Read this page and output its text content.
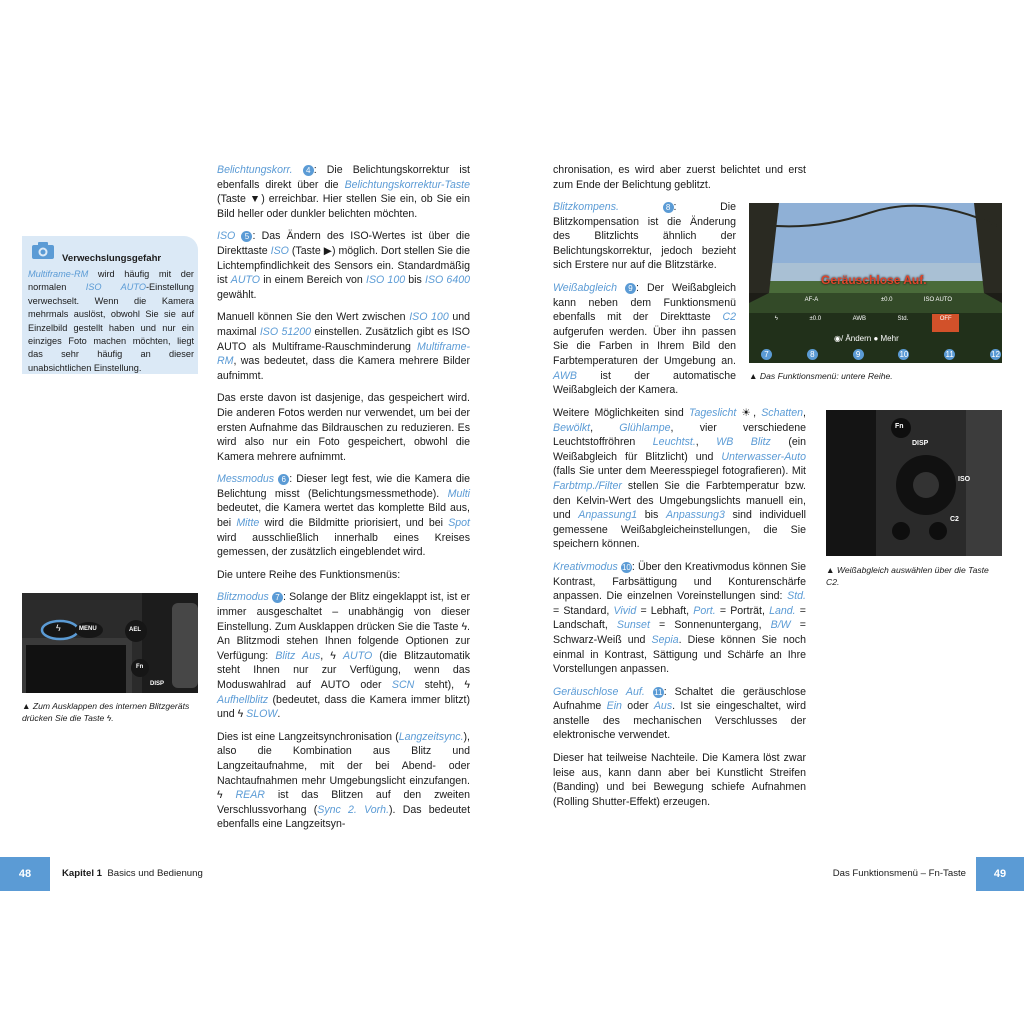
Verwechslungsgefahr
Multiframe-RM wird häufig mit der normalen ISO AUTO-Einstellung verwechselt. Wenn die Kamera mehrmals auslöst, obwohl Sie sie auf Einzelbild gestellt haben und nur ein einziges Foto machen möchten, liegt das sehr häufig an dieser unabsichtlichen Einstellung.

Belichtungskorr. 4 : Die Belichtungskorrektur ist ebenfalls direkt über die Belichtungskorrektur-Taste (Taste ▼) erreichbar. Hier stellen Sie ein, ob Sie ein Bild heller oder dunkler belichten möchten.

ISO 5 : Das Ändern des ISO-Wertes ist über die Direkttaste ISO (Taste ▶) möglich. Dort stellen Sie die Lichtempfindlichkeit des Sensors ein. Standardmäßig ist AUTO in einem Bereich von ISO 100 bis ISO 6400 gewählt.

Manuell können Sie den Wert zwischen ISO 100 und maximal ISO 51200 einstellen. Zusätzlich gibt es ISO AUTO als Multiframe-Rauschminderung Multiframe-RM, was bedeutet, dass die Kamera mehrere Bilder aufnimmt.

Das erste davon ist dasjenige, das gespeichert wird. Die anderen Fotos werden nur verwendet, um bei der ersten Aufnahme das Bildrauschen zu reduzieren. Es wird also nur ein Foto gespeichert, obwohl die Kamera mehrere aufnimmt.

Messmodus 6 : Dieser legt fest, wie die Kamera die Belichtung misst (Belichtungsmessmethode). Multi bedeutet, die Kamera wertet das komplette Bild aus, bei Mitte wird die Bildmitte priorisiert, und bei Spot wird ausschließlich innerhalb eines Kreises gemessen, der zusätzlich eingeblendet wird.

Die untere Reihe des Funktionsmenüs:

Blitzmodus 7 : Solange der Blitz eingeklappt ist, ist er immer ausgeschaltet – unabhängig von dieser Einstellung. Zum Ausklappen drücken Sie die Taste ϟ. An Blitzmodi stehen Ihnen folgende Optionen zur Verfügung: Blitz Aus, ϟ AUTO (die Blitzautomatik steht Ihnen nur zur Verfügung, wenn das Moduswahlrad auf AUTO oder SCN steht), ϟ Aufhellblitz (bedeutet, dass die Kamera immer blitzt) und ϟ SLOW.

Dies ist eine Langzeitsynchronisation (Langzeitsync.), also die Kombination aus Blitz und Langzeitaufnahme, mit der bei Abend- oder Nachtaufnahmen mehr Umgebungslicht einzufangen. ϟ REAR ist das Blitzen auf den zweiten Verschlussvorhang (Sync 2. Vorh.). Das bedeutet ebenfalls eine Langzeitsyn-

MENU	AEL
Fn
DISP
ϟ
▲ Zum Ausklappen des internen Blitzgeräts drücken Sie die Taste ϟ.

chronisation, es wird aber zuerst belichtet und erst zum Ende der Belichtung geblitzt.

Blitzkompens.	8 : Die Blitzkompensation ist die Änderung des Blitzlichts ähnlich der Belichtungskorrektur, jedoch bezieht sich Erstere nur auf die Blitzstärke.

Weißabgleich 9 : Der Weißabgleich kann neben dem Funktionsmenü ebenfalls mit der Direkttaste C2 aufgerufen werden. Über ihn passen Sie die Farben in Ihrem Bild den Farbtemperaturen der Umgebung an. AWB ist der automatische Weißabgleich der Kamera.

Weitere Möglichkeiten sind Tageslicht ☀, Schatten, Bewölkt, Glühlampe, vier verschiedene Leuchtstoffröhren Leuchtst., WB Blitz (ein Weißabgleich für Blitzlicht) und Unterwasser-Auto (falls Sie unter dem Meeresspiegel fotografieren). Mit Farbtmp./Filter stellen Sie die Farbtemperatur bzw. den Kelvin-Wert des Umgebungslichts manuell ein, und Anpassung1 bis Anpassung3 sind individuell gemessene Weißabgleicheinstellungen, die Sie speichern können.

Kreativmodus 10: Über den Kreativmodus können Sie Kontrast, Farbsättigung und Konturenschärfe anpassen. Die einzelnen Voreinstellungen sind: Std. = Standard, Vivid = Lebhaft, Port. = Porträt, Land. = Landschaft, Sunset = Sonnenuntergang, B/W = Schwarz-Weiß und Sepia. Diese können Sie noch einmal in Kontrast, Sättigung und Schärfe an Ihre Vorstellungen anpassen.

Geräuschlose Auf. 11: Schaltet die geräuschlose Aufnahme Ein oder Aus. Ist sie eingeschaltet, wird anstelle des mechanischen Verschlusses der elektronische verwendet.

Dieser hat teilweise Nachteile. Die Kamera löst zwar leise aus, kann dann aber bei Kunstlicht Streifen (Banding) und bei Bewegung schiefe Aufnahmen (Rolling Shutter-Effekt) erzeugen.

Geräuschlose Auf.
AF-A	±0.0	ISO AUTO
ϟ	±0.0	AWB	Std.	OFF
◉/ Ändern ● Mehr
7	8	9	10	11	12
▲ Das Funktionsmenü: untere Reihe.
Fn
DISP
ISO
C2
▲ Weißabgleich auswählen über die Taste C2.
48	Kapitel 1 Basics und Bedienung	Das Funktionsmenü – Fn-Taste	49
